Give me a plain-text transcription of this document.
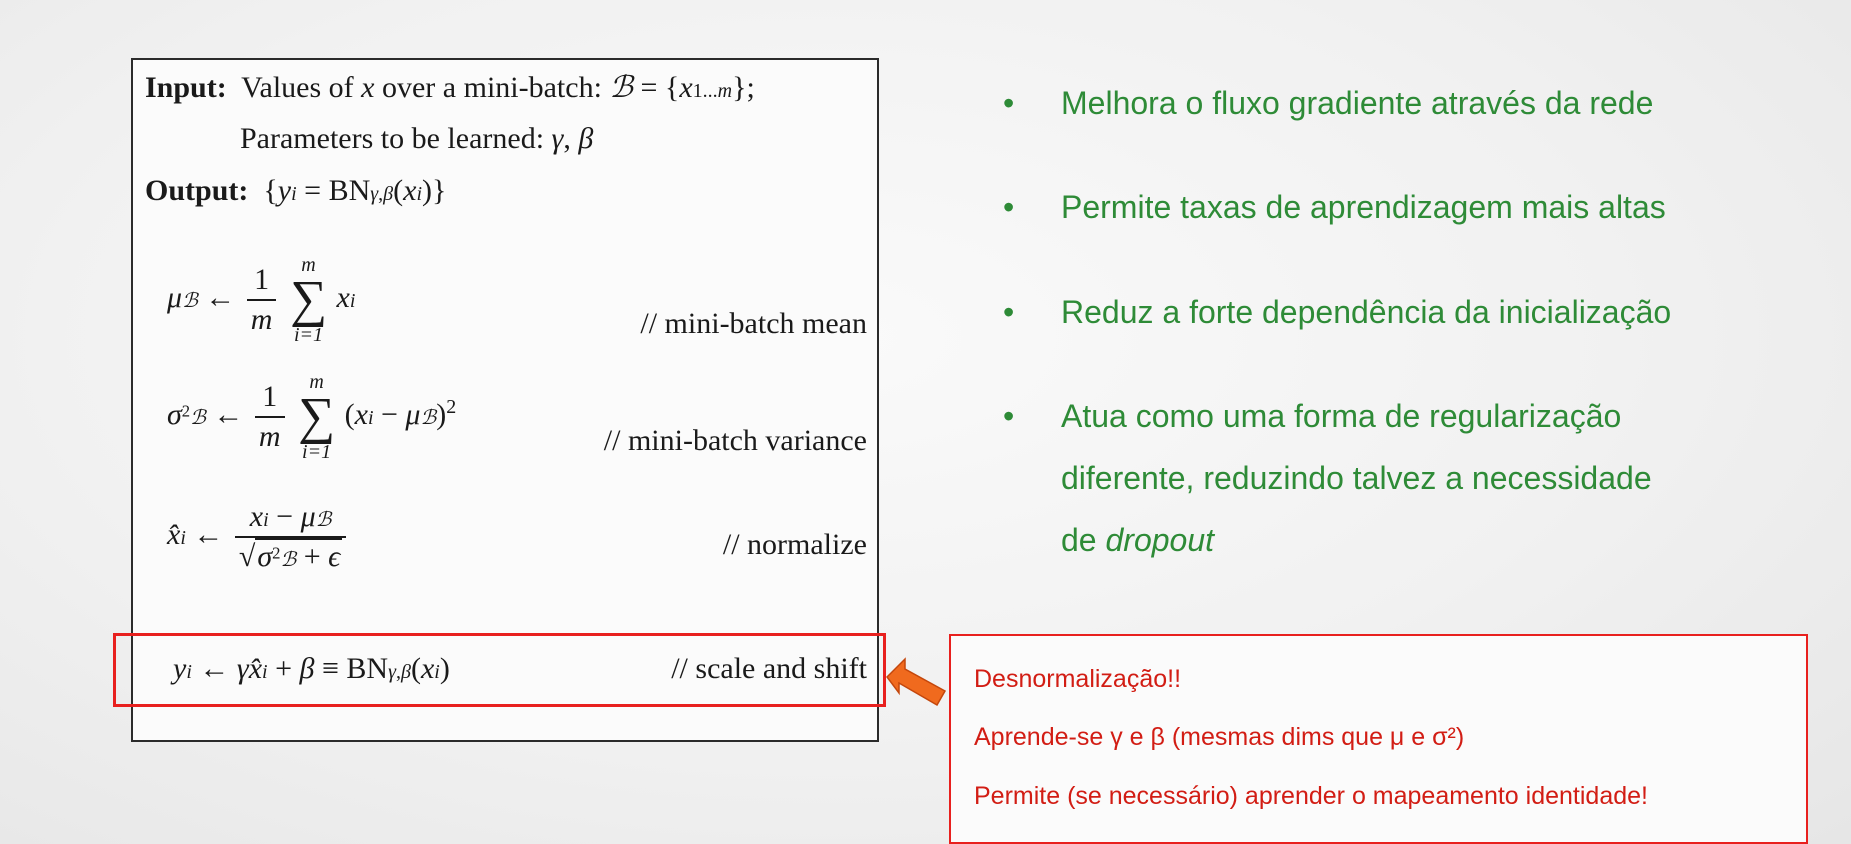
Input:  Values of x over a mini-batch: ℬ = {x1...m};
Parameters to be learned: γ, β
Output:  {yi = BNγ,β(xi)}
μℬ ← $\frac{1}{m}$
	m
∑
i=1
xi
// mini-batch mean
$\sigma^2ℬ$ ← $\frac{1}{m}$
	m
∑
i=1
(xi − μℬ)$^2$
// mini-batch variance
x̂i ← $\frac{\text{xi − μℬ}}{√\sigma^2ℬ + \epsilon}$	// normalize
yi ← γx̂i + β ≡ BNγ,β(xi)	// scale and shift
• Melhora o fluxo gradiente através da rede
• Permite taxas de aprendizagem mais altas
• Reduz a forte dependência da inicialização
• Atua como uma forma de regularização
diferente, reduzindo talvez a necessidade
de dropout
Desnormalização!!
Aprende-se γ e β (mesmas dims que μ e σ²)
Permite (se necessário) aprender o mapeamento identidade!
